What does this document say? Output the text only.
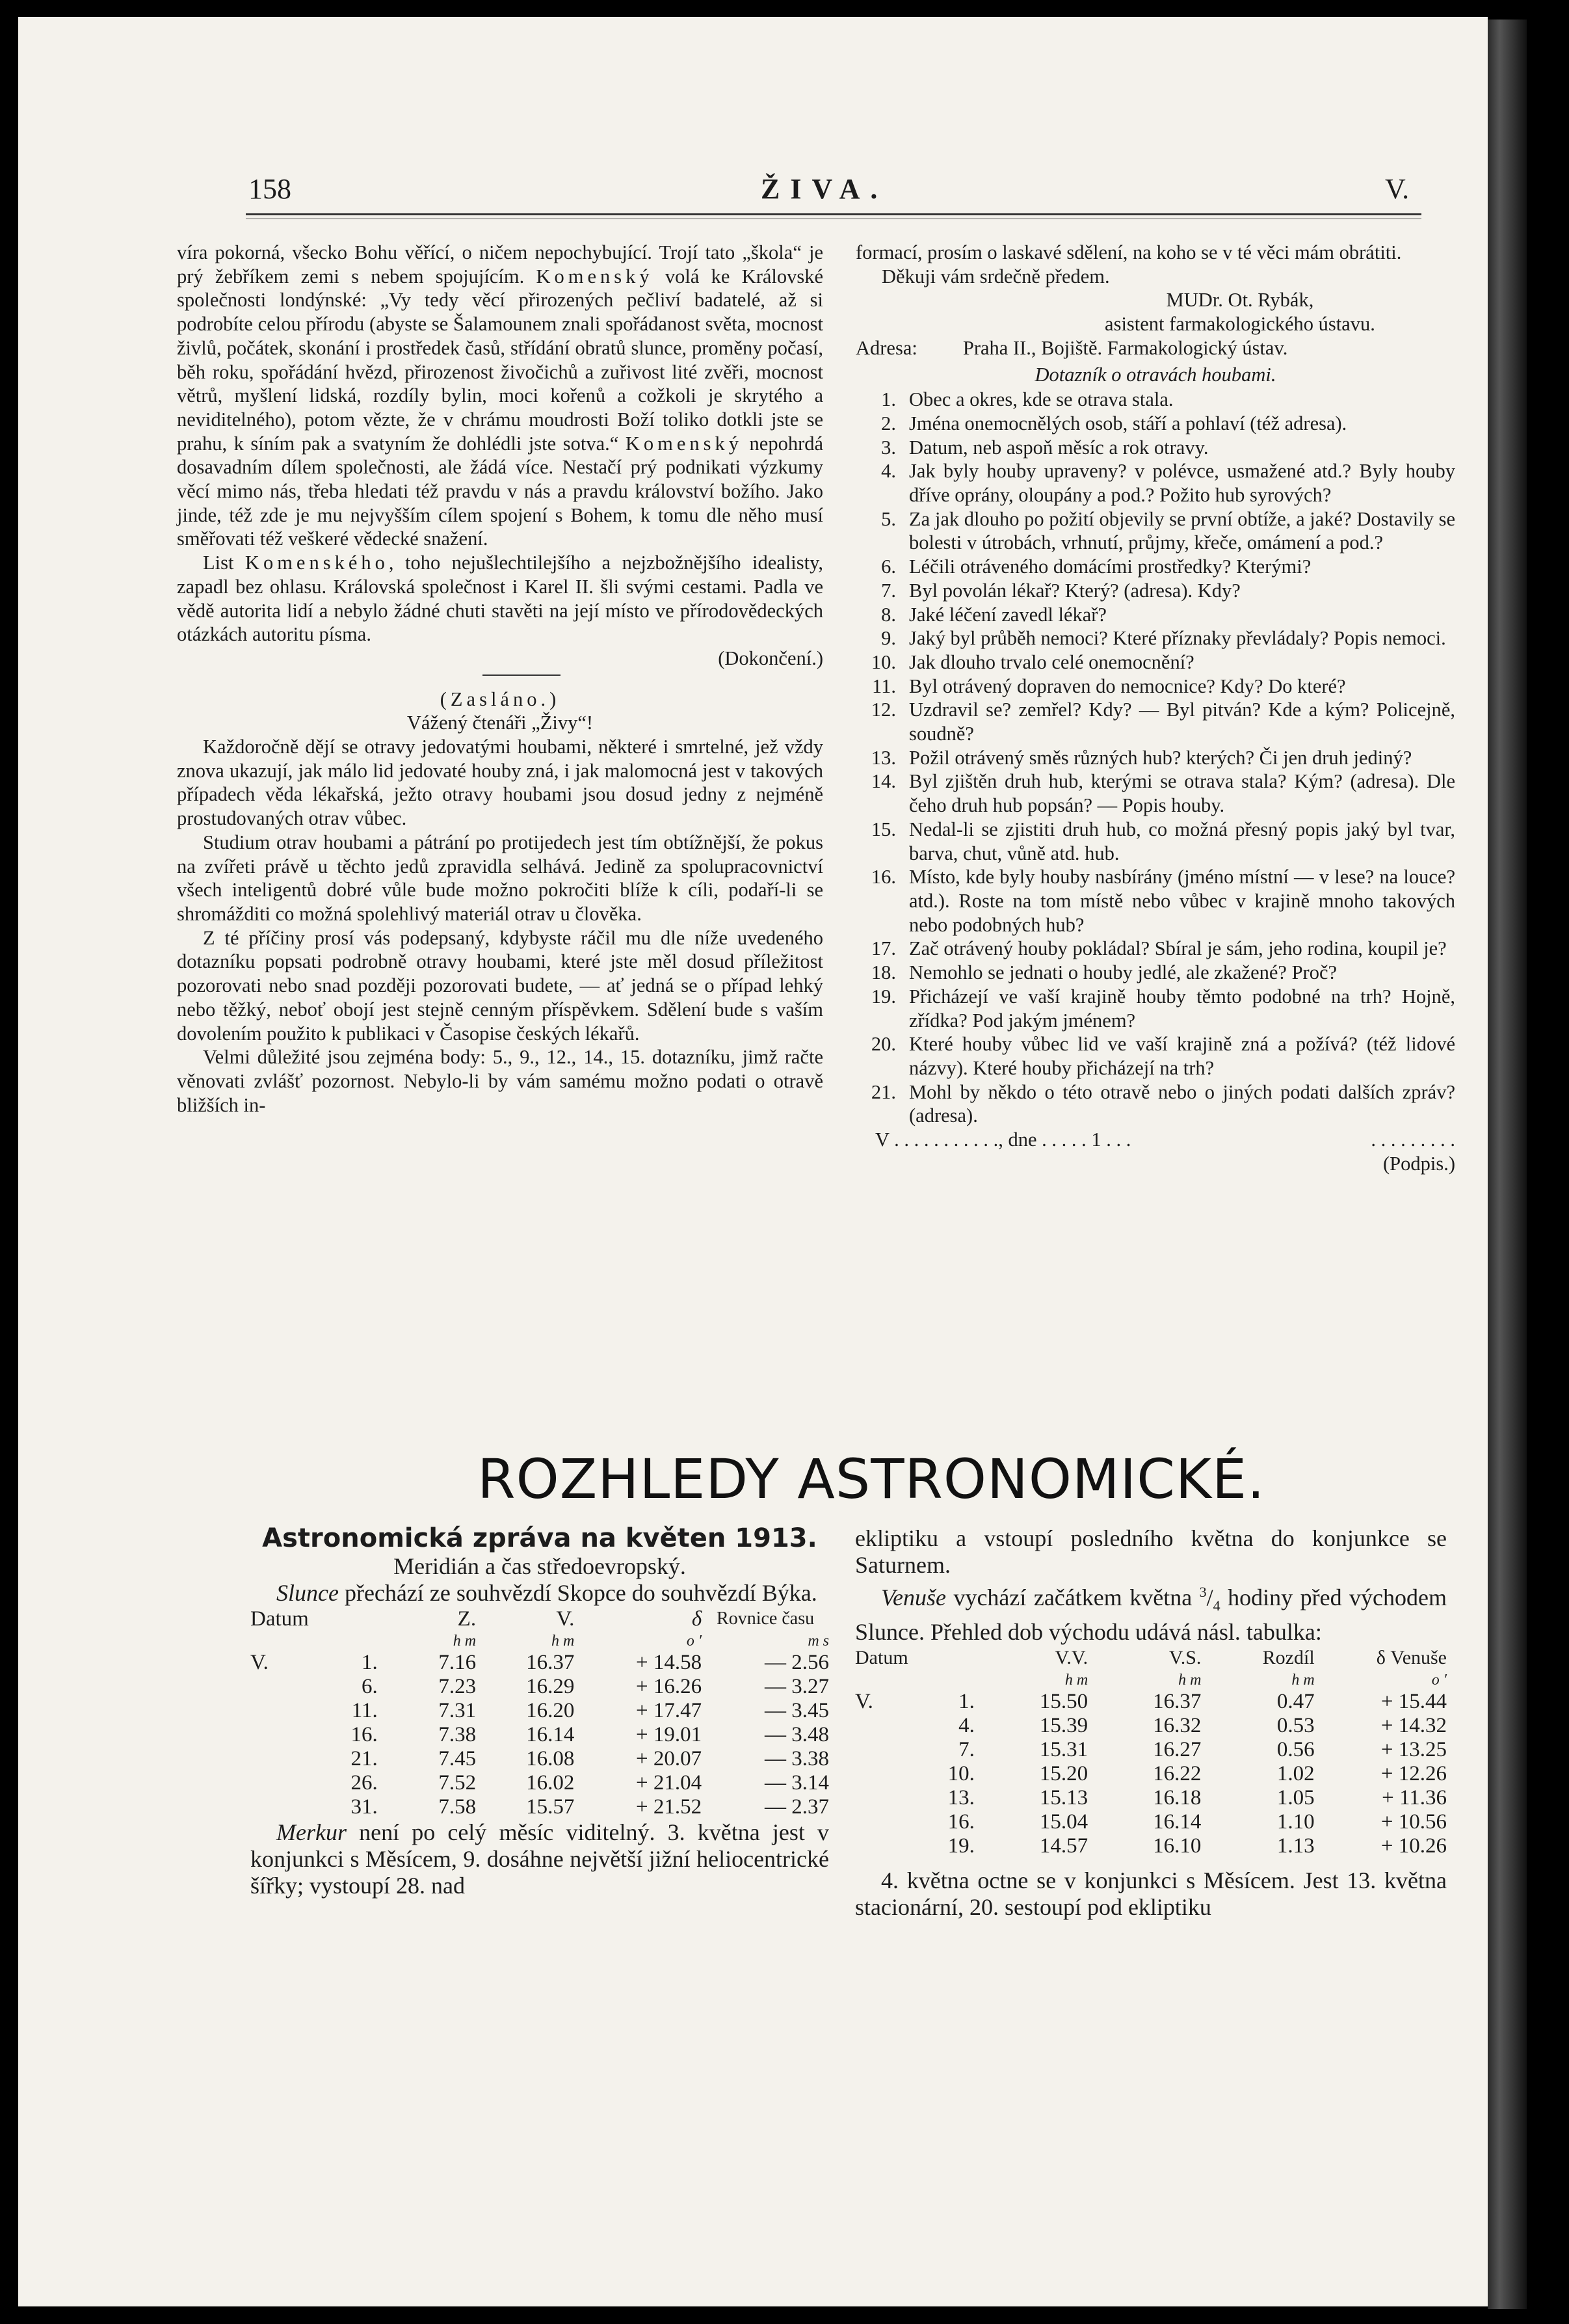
158	ŽIVA.	V.

víra pokorná, všecko Bohu věřící, o ničem nepochybující. Trojí tato „škola“ je prý žebříkem zemi s nebem spojujícím. Komenský volá ke Královské společnosti londýnské: „Vy tedy věcí přirozených pečliví badatelé, až si podrobíte celou přírodu (abyste se Šalamounem znali spořádanost světa, mocnost živlů, počátek, skonání i prostředek časů, střídání obratů slunce, proměny počasí, běh roku, spořádání hvězd, přirozenost živočichů a zuřivost lité zvěři, mocnost větrů, myšlení lidská, rozdíly bylin, moci kořenů a cožkoli je skrytého a neviditelného), potom vězte, že v chrámu moudrosti Boží toliko dotkli jste se prahu, k síním pak a svatyním že dohlédli jste sotva.“ Komenský nepohrdá dosavadním dílem společnosti, ale žádá více. Nestačí prý podnikati výzkumy věcí mimo nás, třeba hledati též pravdu v nás a pravdu království božího. Jako jinde, též zde je mu nejvyšším cílem spojení s Bohem, k tomu dle něho musí směřovati též veškeré vědecké snažení.

List Komenského, toho nejušlechtilejšího a nejzbožnějšího idealisty, zapadl bez ohlasu. Královská společnost i Karel II. šli svými cestami. Padla ve vědě autorita lidí a nebylo žádné chuti stavěti na její místo ve přírodovědeckých otázkách autoritu písma.

(Dokončení.)

(Zasláno.)

Vážený čtenáři „Živy“!

Každoročně dějí se otravy jedovatými houbami, některé i smrtelné, jež vždy znova ukazují, jak málo lid jedovaté houby zná, i jak malomocná jest v takových případech věda lékařská, ježto otravy houbami jsou dosud jedny z nejméně prostudovaných otrav vůbec.

Studium otrav houbami a pátrání po protijedech jest tím obtížnější, že pokus na zvířeti právě u těchto jedů zpravidla selhává. Jedině za spolupracovnictví všech inteligentů dobré vůle bude možno pokročiti blíže k cíli, podaří-li se shromážditi co možná spolehlivý materiál otrav u člověka.

Z té příčiny prosí vás podepsaný, kdybyste ráčil mu dle níže uvedeného dotazníku popsati podrobně otravy houbami, které jste měl dosud příležitost pozorovati nebo snad později pozorovati budete, — ať jedná se o případ lehký nebo těžký, neboť obojí jest stejně cenným příspěvkem. Sdělení bude s vaším dovolením použito k publikaci v Časopise českých lékařů.

Velmi důležité jsou zejména body: 5., 9., 12., 14., 15. dotazníku, jimž račte věnovati zvlášť pozornost. Nebylo-li by vám samému možno podati o otravě bližších in-

formací, prosím o laskavé sdělení, na koho se v té věci mám obrátiti.

Děkuji vám srdečně předem.

MUDr. Ot. Rybák,

asistent farmakologického ústavu.

Adresa: Praha II., Bojiště. Farmakologický ústav.

Dotazník o otravách houbami.

1. Obec a okres, kde se otrava stala.

2. Jména onemocnělých osob, stáří a pohlaví (též adresa).

3. Datum, neb aspoň měsíc a rok otravy.

4. Jak byly houby upraveny? v polévce, usmažené atd.? Byly houby dříve oprány, oloupány a pod.? Požito hub syrových?

5. Za jak dlouho po požití objevily se první obtíže, a jaké? Dostavily se bolesti v útrobách, vrhnutí, průjmy, křeče, omámení a pod.?

6. Léčili otráveného domácími prostředky? Kterými?

7. Byl povolán lékař? Který? (adresa). Kdy?

8. Jaké léčení zavedl lékař?

9. Jaký byl průběh nemoci? Které příznaky převládaly? Popis nemoci.

10. Jak dlouho trvalo celé onemocnění?

11. Byl otrávený dopraven do nemocnice? Kdy? Do které?

12. Uzdravil se? zemřel? Kdy? — Byl pitván? Kde a kým? Policejně, soudně?

13. Požil otrávený směs různých hub? kterých? Či jen druh jediný?

14. Byl zjištěn druh hub, kterými se otrava stala? Kým? (adresa). Dle čeho druh hub popsán? — Popis houby.

15. Nedal-li se zjistiti druh hub, co možná přesný popis jaký byl tvar, barva, chut, vůně atd. hub.

16. Místo, kde byly houby nasbírány (jméno místní — v lese? na louce? atd.). Roste na tom místě nebo vůbec v krajině mnoho takových nebo podobných hub?

17. Zač otrávený houby pokládal? Sbíral je sám, jeho rodina, koupil je?

18. Nemohlo se jednati o houby jedlé, ale zkažené? Proč?

19. Přicházejí ve vaší krajině houby těmto podobné na trh? Hojně, zřídka? Pod jakým jménem?

20. Které houby vůbec lid ve vaší krajině zná a požívá? (též lidové názvy). Které houby přicházejí na trh?

21. Mohl by někdo o této otravě nebo o jiných podati dalších zpráv? (adresa).

V . . . . . . . . . . ., dne . . . . . 1 . . .	. . . . . . . . .

(Podpis.)

ROZHLEDY ASTRONOMICKÉ.

Astronomická zpráva na květen 1913.

Meridián a čas středoevropský.

Slunce přechází ze souhvězdí Skopce do souhvězdí Býka.

Datum		Z.	V.	δ	Rovnice času
		h m	h m	o ′	m s
V.	1.	7.16	16.37	+ 14.58	— 2.56
	6.	7.23	16.29	+ 16.26	— 3.27
	11.	7.31	16.20	+ 17.47	— 3.45
	16.	7.38	16.14	+ 19.01	— 3.48
	21.	7.45	16.08	+ 20.07	— 3.38
	26.	7.52	16.02	+ 21.04	— 3.14
	31.	7.58	15.57	+ 21.52	— 2.37

Merkur není po celý měsíc viditelný. 3. května jest v konjunkci s Měsícem, 9. dosáhne největší jižní heliocentrické šířky; vystoupí 28. nad

ekliptiku a vstoupí posledního května do konjunkce se Saturnem.

Venuše vychází začátkem května $^3/_4$ hodiny před východem Slunce. Přehled dob východu udává násl. tabulka:

Datum		V.V.	V.S.	Rozdíl	δ Venuše
		h m	h m	h m	o ′
V.	1.	15.50	16.37	0.47	+ 15.44
	4.	15.39	16.32	0.53	+ 14.32
	7.	15.31	16.27	0.56	+ 13.25
	10.	15.20	16.22	1.02	+ 12.26
	13.	15.13	16.18	1.05	+ 11.36
	16.	15.04	16.14	1.10	+ 10.56
	19.	14.57	16.10	1.13	+ 10.26

4. května octne se v konjunkci s Měsícem. Jest 13. května stacionární, 20. sestoupí pod ekliptiku
